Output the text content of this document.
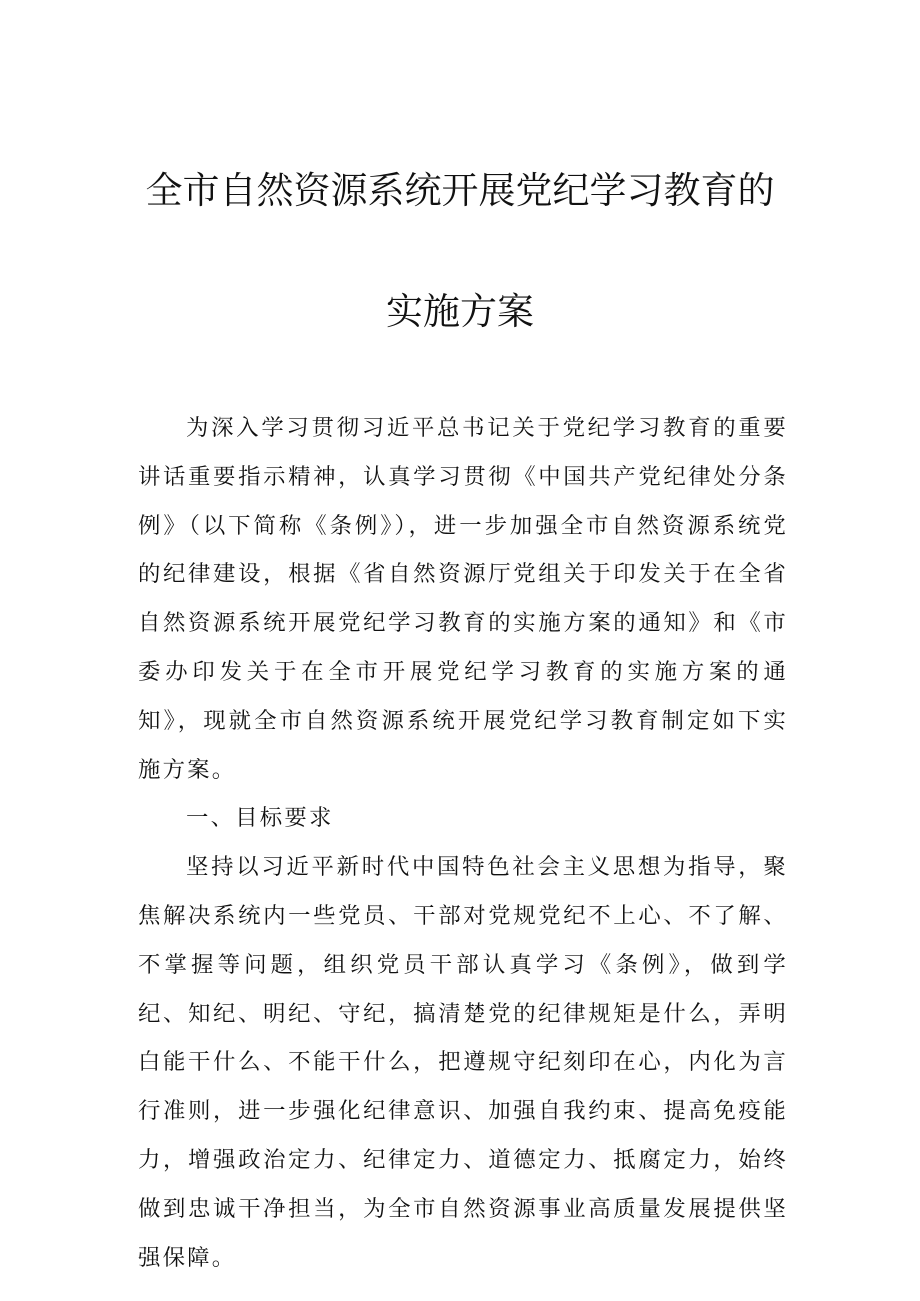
全市自然资源系统开展党纪学习教育的
实施方案

为深入学习贯彻习近平总书记关于党纪学习教育的重要讲话重要指示精神，认真学习贯彻《中国共产党纪律处分条例》（以下简称《条例》），进一步加强全市自然资源系统党的纪律建设，根据《省自然资源厅党组关于印发关于在全省自然资源系统开展党纪学习教育的实施方案的通知》和《市委办印发关于在全市开展党纪学习教育的实施方案的通知》，现就全市自然资源系统开展党纪学习教育制定如下实施方案。

一、目标要求

坚持以习近平新时代中国特色社会主义思想为指导，聚焦解决系统内一些党员、干部对党规党纪不上心、不了解、不掌握等问题，组织党员干部认真学习《条例》，做到学纪、知纪、明纪、守纪，搞清楚党的纪律规矩是什么，弄明白能干什么、不能干什么，把遵规守纪刻印在心，内化为言行准则，进一步强化纪律意识、加强自我约束、提高免疫能力，增强政治定力、纪律定力、道德定力、抵腐定力，始终做到忠诚干净担当，为全市自然资源事业高质量发展提供坚强保障。
